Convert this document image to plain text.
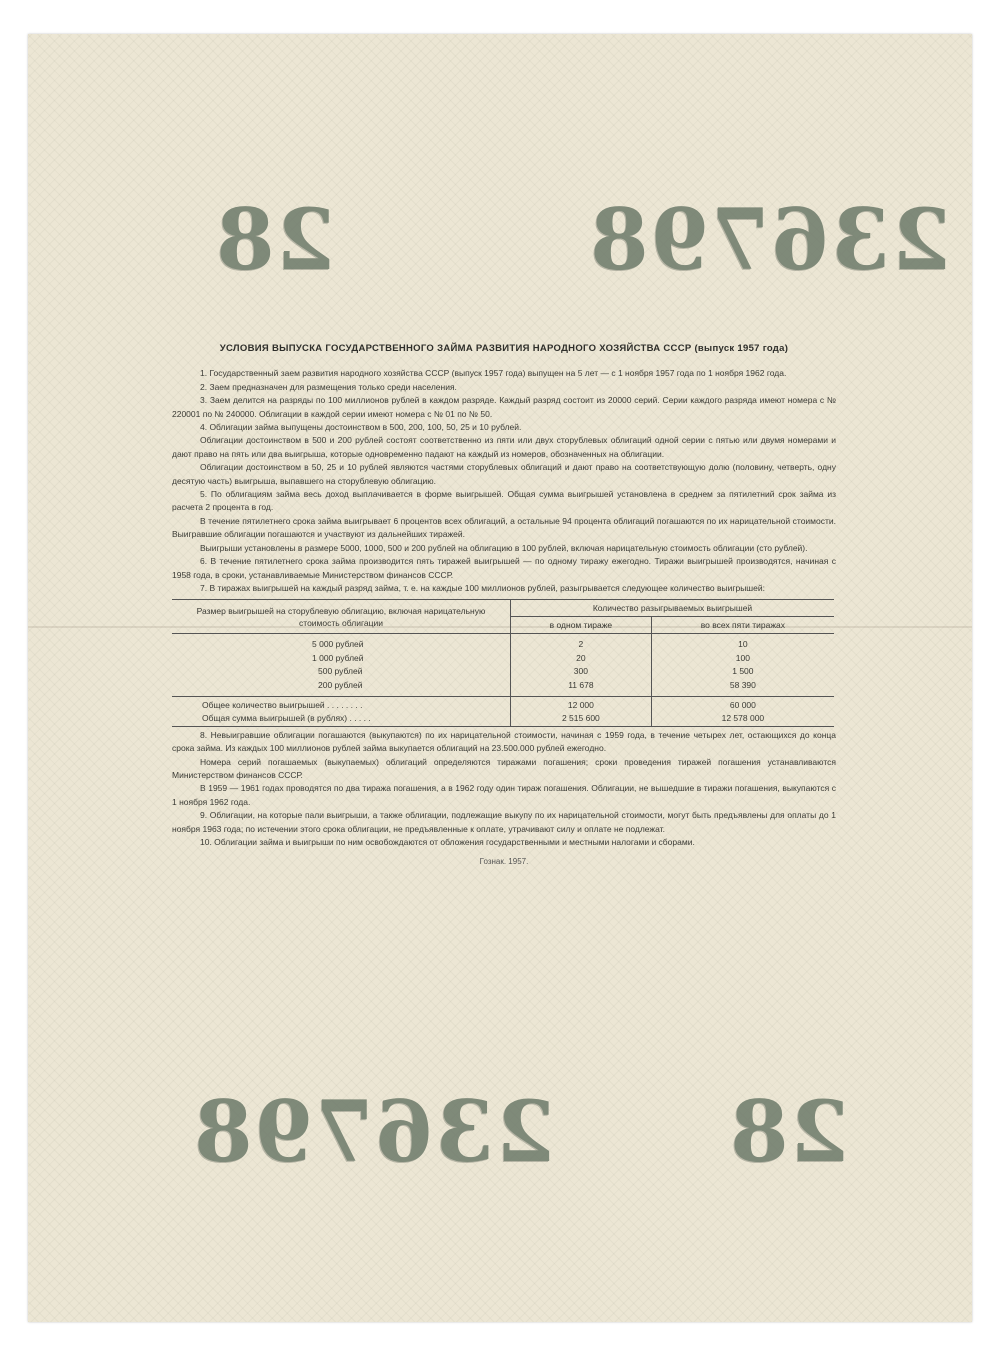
236798
28
236798 28
УСЛОВИЯ ВЫПУСКА ГОСУДАРСТВЕННОГО ЗАЙМА РАЗВИТИЯ НАРОДНОГО ХОЗЯЙСТВА СССР (выпуск 1957 года)

1. Государственный заем развития народного хозяйства СССР (выпуск 1957 года) выпущен на 5 лет — с 1 ноября 1957 года по 1 ноября 1962 года.

2. Заем предназначен для размещения только среди населения.

3. Заем делится на разряды по 100 миллионов рублей в каждом разряде. Каждый разряд состоит из 20000 серий. Серии каждого разряда имеют номера с № 220001 по № 240000. Облигации в каждой серии имеют номера с № 01 по № 50.

4. Облигации займа выпущены достоинством в 500, 200, 100, 50, 25 и 10 рублей.

Облигации достоинством в 500 и 200 рублей состоят соответственно из пяти или двух сторублевых облигаций одной серии с пятью или двумя номерами и дают право на пять или два выигрыша, которые одновременно падают на каждый из номеров, обозначенных на облигации.

Облигации достоинством в 50, 25 и 10 рублей являются частями сторублевых облигаций и дают право на соответствующую долю (половину, четверть, одну десятую часть) выигрыша, выпавшего на сторублевую облигацию.

5. По облигациям займа весь доход выплачивается в форме выигрышей. Общая сумма выигрышей установлена в среднем за пятилетний срок займа из расчета 2 процента в год.

В течение пятилетнего срока займа выигрывает 6 процентов всех облигаций, а остальные 94 процента облигаций погашаются по их нарицательной стоимости. Выигравшие облигации погашаются и участвуют из дальнейших тиражей.

Выигрыши установлены в размере 5000, 1000, 500 и 200 рублей на облигацию в 100 рублей, включая нарицательную стоимость облигации (сто рублей).

6. В течение пятилетнего срока займа производится пять тиражей выигрышей — по одному тиражу ежегодно. Тиражи выигрышей производятся, начиная с 1958 года, в сроки, устанавливаемые Министерством финансов СССР.

7. В тиражах выигрышей на каждый разряд займа, т. е. на каждые 100 миллионов рублей, разыгрывается следующее количество выигрышей:

Размер выигрышей на сторублевую облигацию, включая нарицательную стоимость облигации	Количество разыгрываемых выигрышей	
	в одном тираже	во всех пяти тиражах
5 000 рублей	2	10
1 000 рублей	20	100
500 рублей	300	1 500
200 рублей	11 678	58 390
Общее количество выигрышей . . . . . . . .	12 000	60 000
Общая сумма выигрышей (в рублях) . . . . .	2 515 600	12 578 000

8. Невыигравшие облигации погашаются (выкупаются) по их нарицательной стоимости, начиная с 1959 года, в течение четырех лет, остающихся до конца срока займа. Из каждых 100 миллионов рублей займа выкупается облигаций на 23.500.000 рублей ежегодно.

Номера серий погашаемых (выкупаемых) облигаций определяются тиражами погашения; сроки проведения тиражей погашения устанавливаются Министерством финансов СССР.

В 1959 — 1961 годах проводятся по два тиража погашения, а в 1962 году один тираж погашения. Облигации, не вышедшие в тиражи погашения, выкупаются с 1 ноября 1962 года.

9. Облигации, на которые пали выигрыши, а также облигации, подлежащие выкупу по их нарицательной стоимости, могут быть предъявлены для оплаты до 1 ноября 1963 года; по истечении этого срока облигации, не предъявленные к оплате, утрачивают силу и оплате не подлежат.

10. Облигации займа и выигрыши по ним освобождаются от обложения государственными и местными налогами и сборами.

Гознак. 1957.
